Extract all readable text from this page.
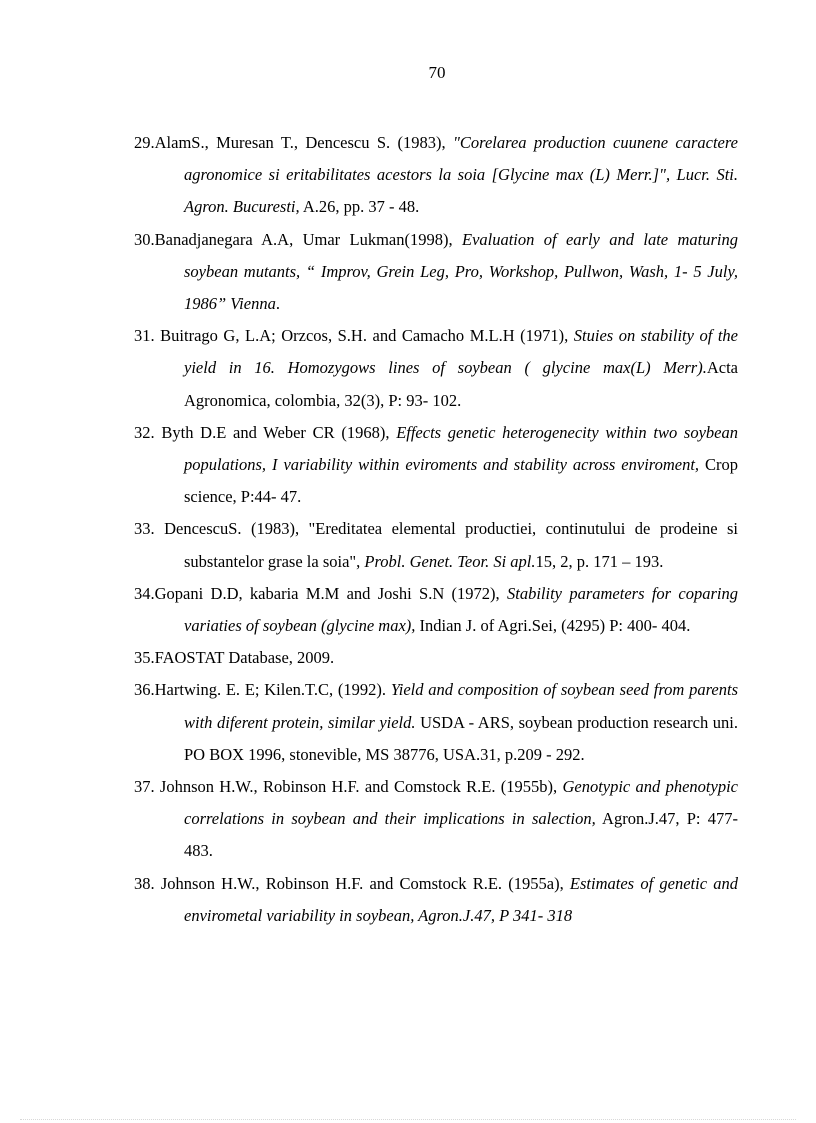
70
29.AlamS., Muresan T., Dencescu S. (1983), "Corelarea production cuunene caractere agronomice si eritabilitates acestors la soia [Glycine max (L) Merr.]", Lucr. Sti. Agron. Bucuresti, A.26, pp. 37 - 48.
30.Banadjanegara A.A, Umar Lukman(1998), Evaluation of early and late maturing soybean mutants, “ Improv, Grein Leg, Pro, Workshop, Pullwon, Wash, 1- 5 July, 1986” Vienna.
31. Buitrago G, L.A; Orzcos, S.H. and Camacho M.L.H (1971), Stuies on stability of the yield in 16. Homozygows lines of soybean ( glycine max(L) Merr).Acta Agronomica, colombia, 32(3), P: 93- 102.
32. Byth D.E and Weber CR (1968), Effects genetic heterogenecity within two soybean populations, I variability within eviroments and stability across enviroment, Crop science, P:44- 47.
33. DencescuS. (1983), "Ereditatea elemental productiei, continutului de prodeine si substantelor grase la soia", Probl. Genet. Teor. Si apl.15, 2, p. 171 – 193.
34.Gopani D.D, kabaria M.M and Joshi S.N (1972), Stability parameters for coparing variaties of soybean (glycine max), Indian J. of Agri.Sei, (4295) P: 400- 404.
35.FAOSTAT Database, 2009.
36.Hartwing. E. E; Kilen.T.C, (1992). Yield and composition of soybean seed from parents with diferent protein, similar yield. USDA - ARS, soybean production research uni. PO BOX 1996, stonevible, MS 38776, USA.31, p.209 - 292.
37. Johnson H.W., Robinson H.F. and Comstock R.E. (1955b), Genotypic and phenotypic correlations in soybean and their implications in salection, Agron.J.47, P: 477- 483.
38. Johnson H.W., Robinson H.F. and Comstock R.E. (1955a), Estimates of genetic and envirometal variability in soybean, Agron.J.47, P 341- 318
